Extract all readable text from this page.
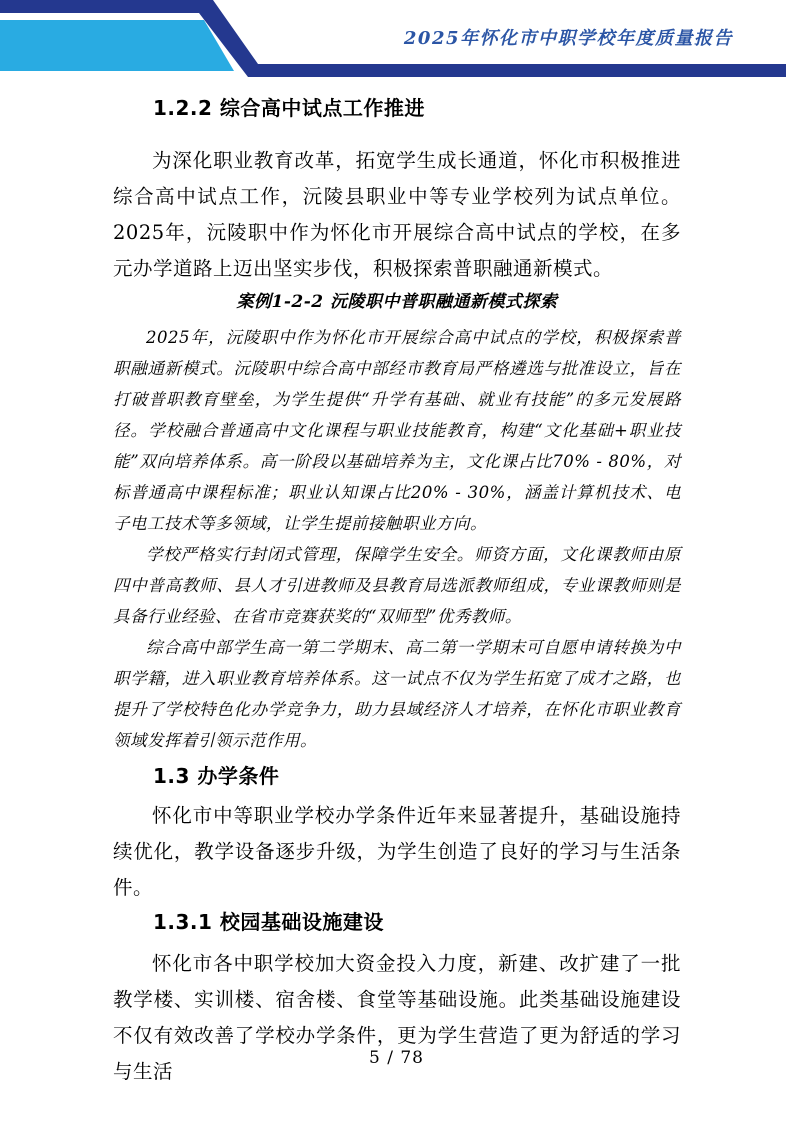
2025年怀化市中职学校年度质量报告
1.2.2 综合高中试点工作推进

为深化职业教育改革，拓宽学生成长通道，怀化市积极推进综合高中试点工作，沅陵县职业中等专业学校列为试点单位。2025年，沅陵职中作为怀化市开展综合高中试点的学校，在多元办学道路上迈出坚实步伐，积极探索普职融通新模式。

案例1-2-2 沅陵职中普职融通新模式探索

2025年，沅陵职中作为怀化市开展综合高中试点的学校，积极探索普职融通新模式。沅陵职中综合高中部经市教育局严格遴选与批准设立，旨在打破普职教育壁垒，为学生提供“升学有基础、就业有技能”的多元发展路径。学校融合普通高中文化课程与职业技能教育，构建“文化基础+职业技能”双向培养体系。高一阶段以基础培养为主，文化课占比70% - 80%，对标普通高中课程标准；职业认知课占比20% - 30%，涵盖计算机技术、电子电工技术等多领域，让学生提前接触职业方向。

学校严格实行封闭式管理，保障学生安全。师资方面，文化课教师由原四中普高教师、县人才引进教师及县教育局选派教师组成，专业课教师则是具备行业经验、在省市竞赛获奖的“双师型”优秀教师。

综合高中部学生高一第二学期末、高二第一学期末可自愿申请转换为中职学籍，进入职业教育培养体系。这一试点不仅为学生拓宽了成才之路，也提升了学校特色化办学竞争力，助力县域经济人才培养，在怀化市职业教育领域发挥着引领示范作用。

1.3 办学条件

怀化市中等职业学校办学条件近年来显著提升，基础设施持续优化，教学设备逐步升级，为学生创造了良好的学习与生活条件。

1.3.1 校园基础设施建设

怀化市各中职学校加大资金投入力度，新建、改扩建了一批教学楼、实训楼、宿舍楼、食堂等基础设施。此类基础设施建设不仅有效改善了学校办学条件，更为学生营造了更为舒适的学习与生活

5 / 78
